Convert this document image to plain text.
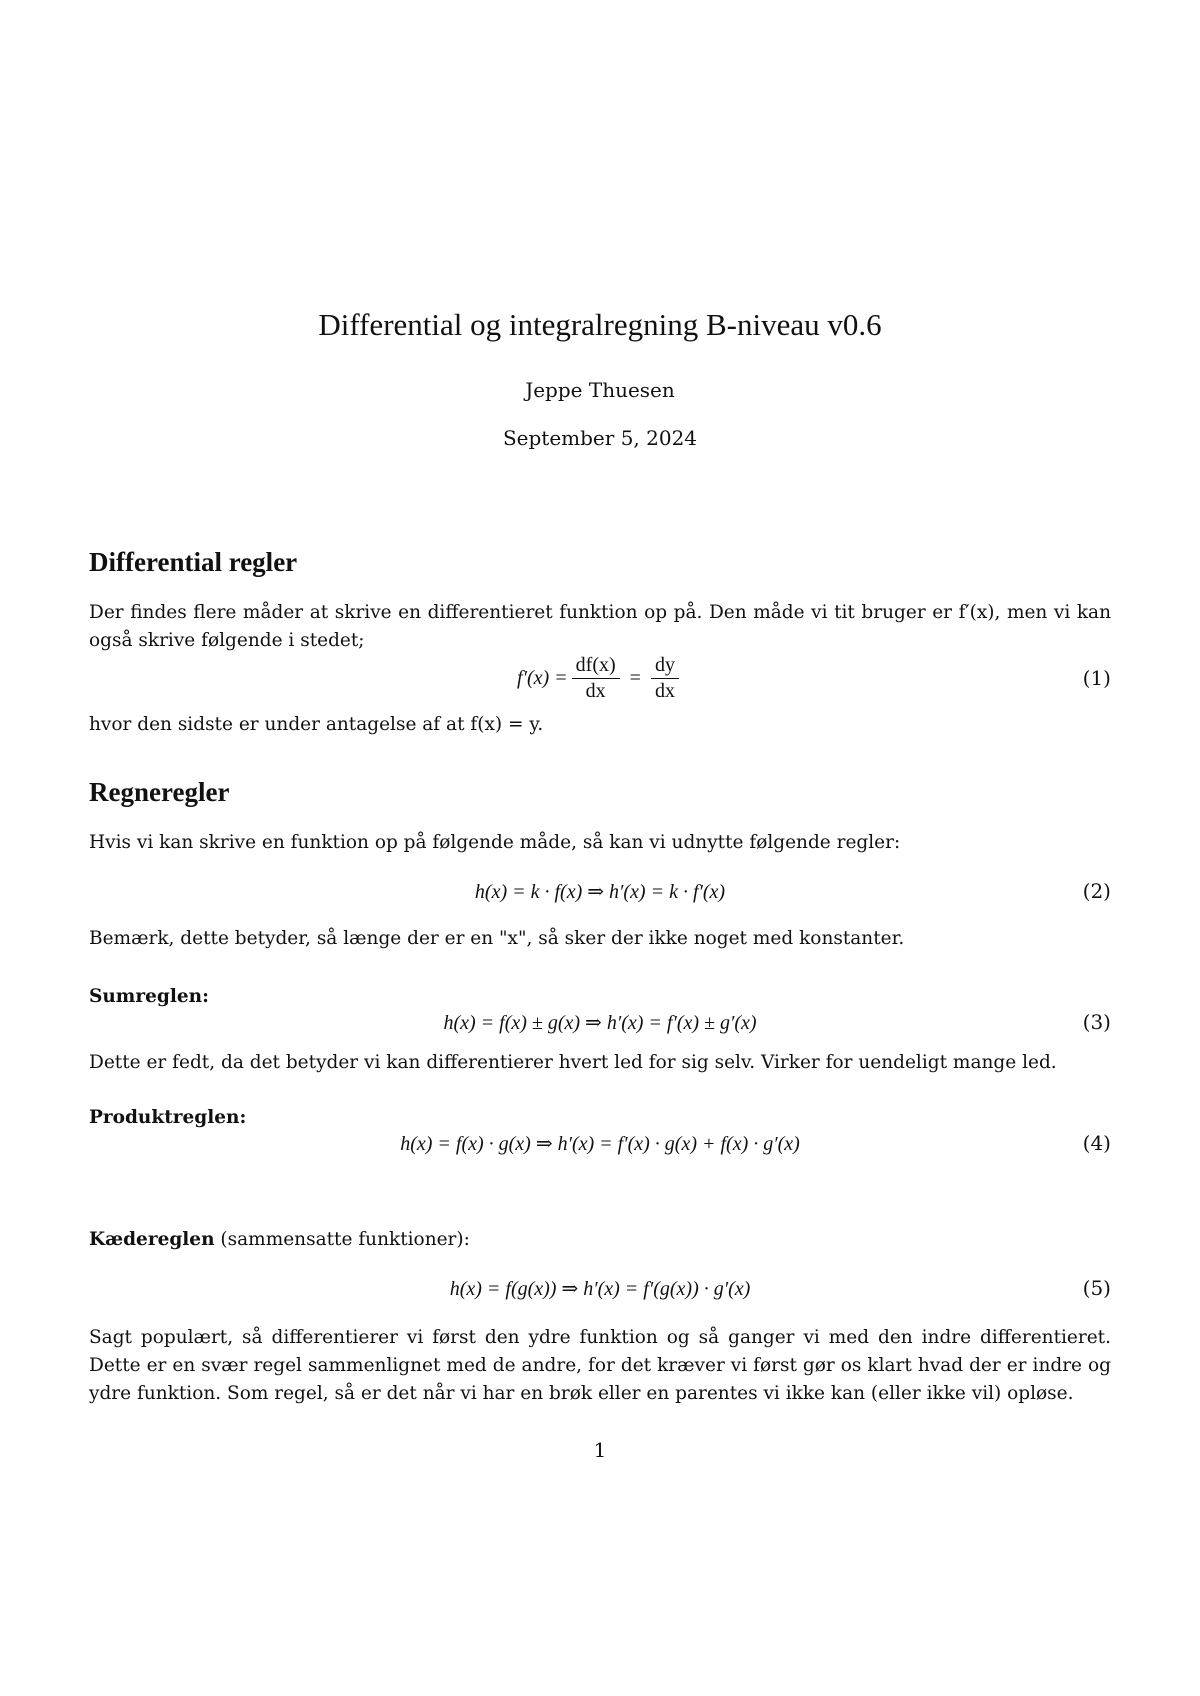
Differential og integralregning B-niveau v0.6
Jeppe Thuesen
September 5, 2024
Differential regler
Der findes flere måder at skrive en differentieret funktion op på. Den måde vi tit bruger er f′(x), men vi kan også skrive følgende i stedet;
$f'(x) = \frac{df(x)}{dx} = \frac{dy}{dx}$	(1)
hvor den sidste er under antagelse af at f(x) = y.
Regneregler
Hvis vi kan skrive en funktion op på følgende måde, så kan vi udnytte følgende regler:
h(x) = k · f(x) ⇒ h′(x) = k · f′(x)	(2)
Bemærk, dette betyder, så længe der er en "x", så sker der ikke noget med konstanter.
Sumreglen:
h(x) = f(x) ± g(x) ⇒ h′(x) = f′(x) ± g′(x)	(3)
Dette er fedt, da det betyder vi kan differentierer hvert led for sig selv. Virker for uendeligt mange led.
Produktreglen:
h(x) = f(x) · g(x) ⇒ h′(x) = f′(x) · g(x) + f(x) · g′(x)	(4)
Kædereglen (sammensatte funktioner):
h(x) = f(g(x)) ⇒ h′(x) = f′(g(x)) · g′(x)	(5)
Sagt populært, så differentierer vi først den ydre funktion og så ganger vi med den indre differentieret. Dette er en svær regel sammenlignet med de andre, for det kræver vi først gør os klart hvad der er indre og ydre funktion. Som regel, så er det når vi har en brøk eller en parentes vi ikke kan (eller ikke vil) opløse.
1
